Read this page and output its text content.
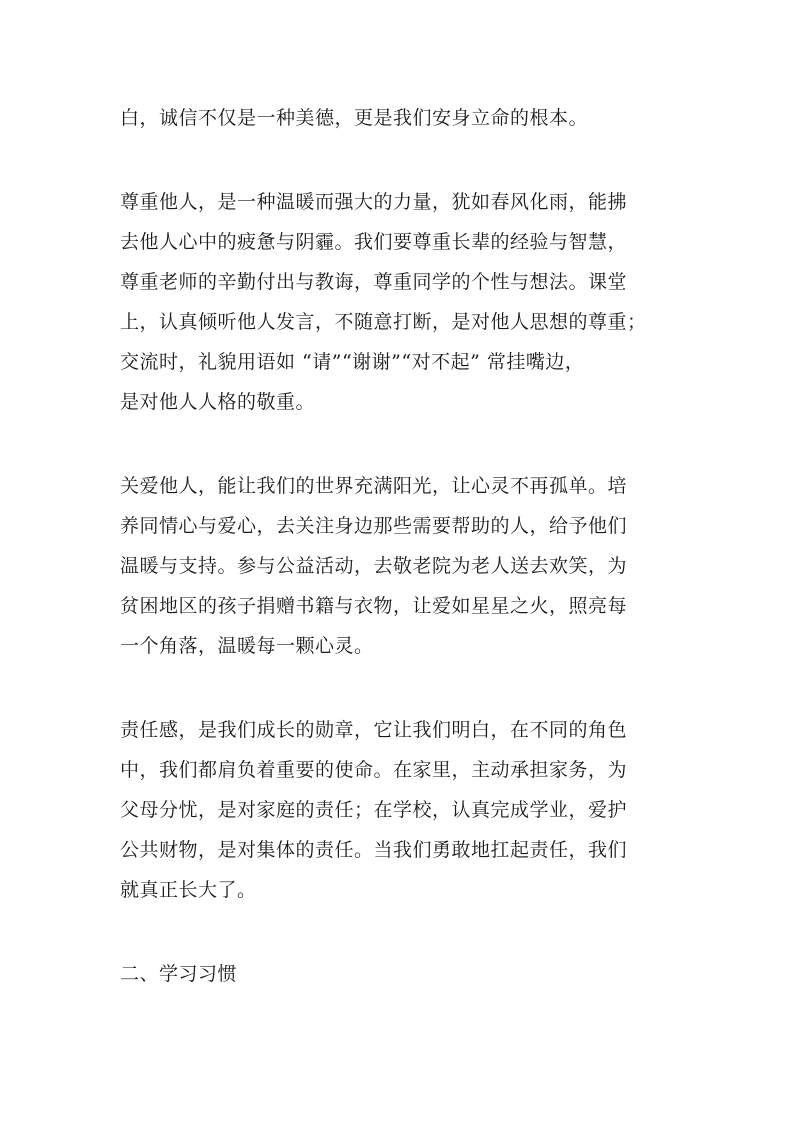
白，诚信不仅是一种美德，更是我们安身立命的根本。
尊重他人，是一种温暖而强大的力量，犹如春风化雨，能拂
去他人心中的疲惫与阴霾。我们要尊重长辈的经验与智慧，
尊重老师的辛勤付出与教诲，尊重同学的个性与想法。课堂
上，认真倾听他人发言，不随意打断，是对他人思想的尊重；
交流时，礼貌用语如 “请”“谢谢”“对不起” 常挂嘴边，
是对他人人格的敬重。
关爱他人，能让我们的世界充满阳光，让心灵不再孤单。培
养同情心与爱心，去关注身边那些需要帮助的人，给予他们
温暖与支持。参与公益活动，去敬老院为老人送去欢笑，为
贫困地区的孩子捐赠书籍与衣物，让爱如星星之火，照亮每
一个角落，温暖每一颗心灵。
责任感，是我们成长的勋章，它让我们明白，在不同的角色
中，我们都肩负着重要的使命。在家里，主动承担家务，为
父母分忧，是对家庭的责任；在学校，认真完成学业，爱护
公共财物，是对集体的责任。当我们勇敢地扛起责任，我们
就真正长大了。
二、学习习惯
